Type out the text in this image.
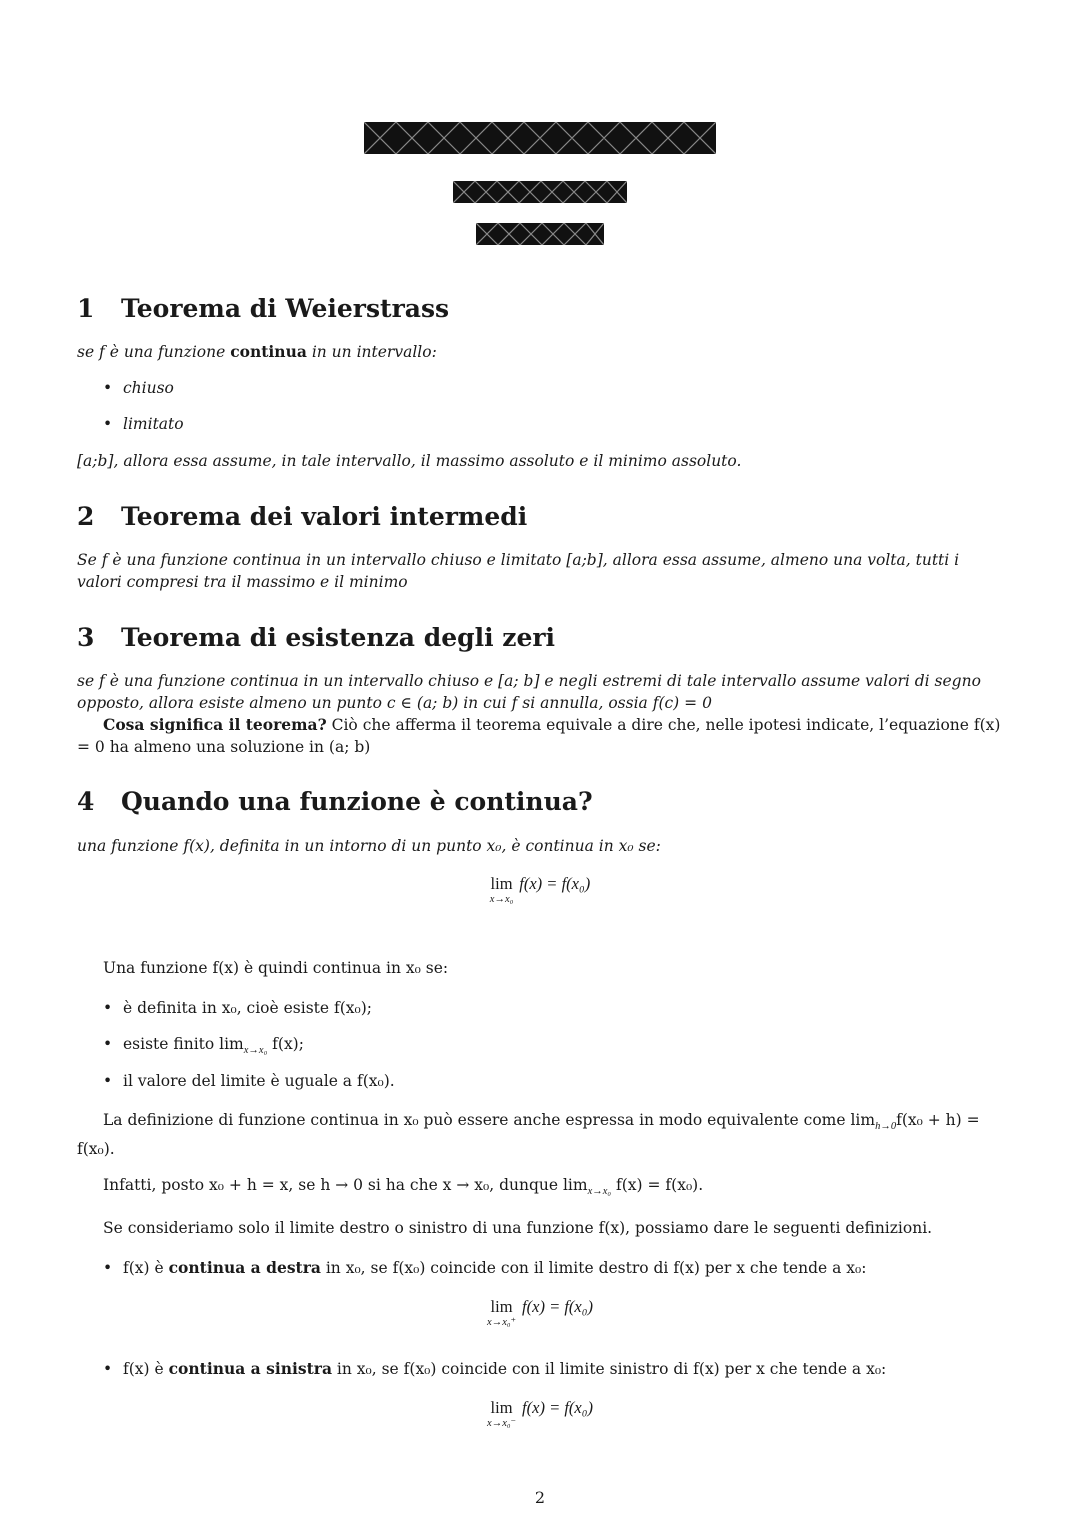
1 Teorema di Weierstrass
se f è una funzione continua in un intervallo:
• chiuso
• limitato
[a;b], allora essa assume, in tale intervallo, il massimo assoluto e il minimo assoluto.
2 Teorema dei valori intermedi
Se f è una funzione continua in un intervallo chiuso e limitato [a;b], allora essa assume, almeno una volta, tutti i valori compresi tra il massimo e il minimo
3 Teorema di esistenza degli zeri
se f è una funzione continua in un intervallo chiuso e [a; b] e negli estremi di tale intervallo assume valori di segno opposto, allora esiste almeno un punto c ∈ (a; b) in cui f si annulla, ossia f(c) = 0
Cosa significa il teorema? Ciò che afferma il teorema equivale a dire che, nelle ipotesi indicate, l’equazione f(x) = 0 ha almeno una soluzione in (a; b)
4 Quando una funzione è continua?
una funzione f(x), definita in un intorno di un punto x₀, è continua in x₀ se:
lim
x→x₀
f(x) = f(x₀)
Una funzione f(x) è quindi continua in x₀ se:
• è definita in x₀, cioè esiste f(x₀);
• esiste finito $\lim_{x\to x_0} f(x)$;
• il valore del limite è uguale a f(x₀).
La definizione di funzione continua in x₀ può essere anche espressa in modo equivalente come $\lim_{h\to 0}f(x_0 + h) = f(x_0)$.
Infatti, posto x₀ + h = x, se h → 0 si ha che x → x₀, dunque $\lim_{x\to x_0} f(x) = f(x_0)$.
Se consideriamo solo il limite destro o sinistro di una funzione f(x), possiamo dare le seguenti definizioni.
• f(x) è continua a destra in x₀, se f(x₀) coincide con il limite destro di f(x) per x che tende a x₀:
lim
x→x₀⁺
f(x) = f(x₀)
• f(x) è continua a sinistra in x₀, se f(x₀) coincide con il limite sinistro di f(x) per x che tende a x₀:
lim
x→x₀⁻
f(x) = f(x₀)
2
